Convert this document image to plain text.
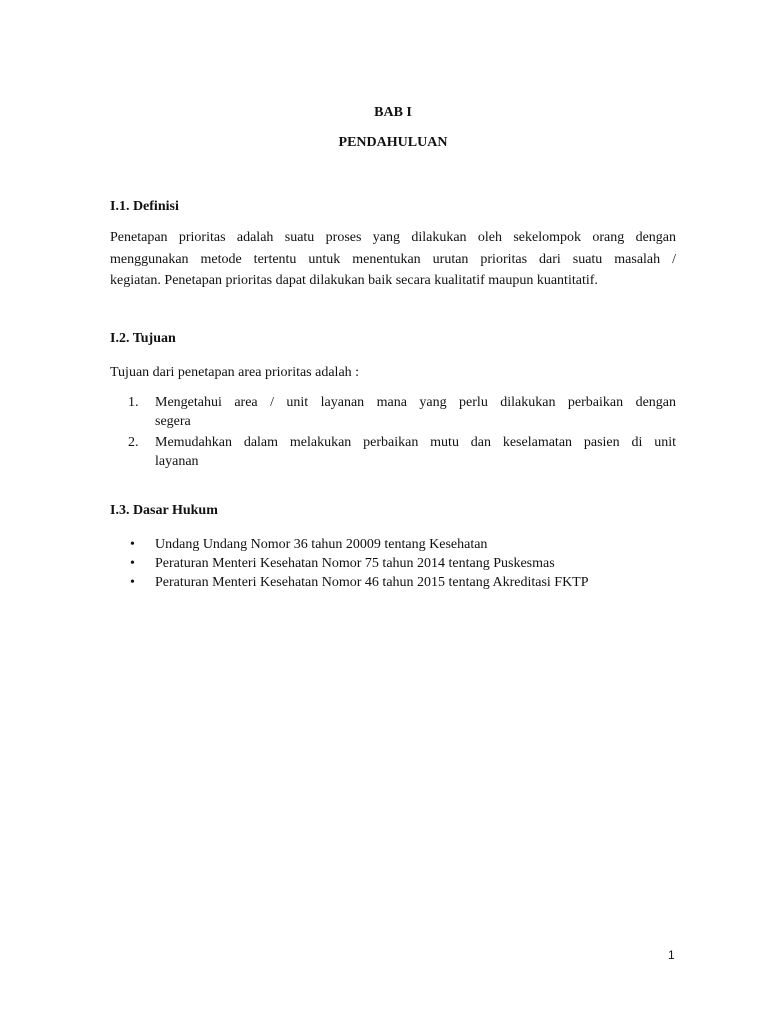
BAB I
PENDAHULUAN
I.1. Definisi
Penetapan prioritas adalah suatu proses yang dilakukan oleh sekelompok orang dengan
menggunakan metode tertentu untuk menentukan urutan prioritas dari suatu masalah /
kegiatan. Penetapan prioritas dapat dilakukan baik secara kualitatif maupun kuantitatif.
I.2. Tujuan
Tujuan dari penetapan area prioritas adalah :
1. Mengetahui area / unit layanan mana yang perlu dilakukan perbaikan dengan
segera
2. Memudahkan dalam melakukan perbaikan mutu dan keselamatan pasien di unit
layanan
I.3. Dasar Hukum
• Undang Undang Nomor 36 tahun 20009 tentang Kesehatan
• Peraturan Menteri Kesehatan Nomor 75 tahun 2014 tentang Puskesmas
• Peraturan Menteri Kesehatan Nomor 46 tahun 2015 tentang Akreditasi FKTP
1
